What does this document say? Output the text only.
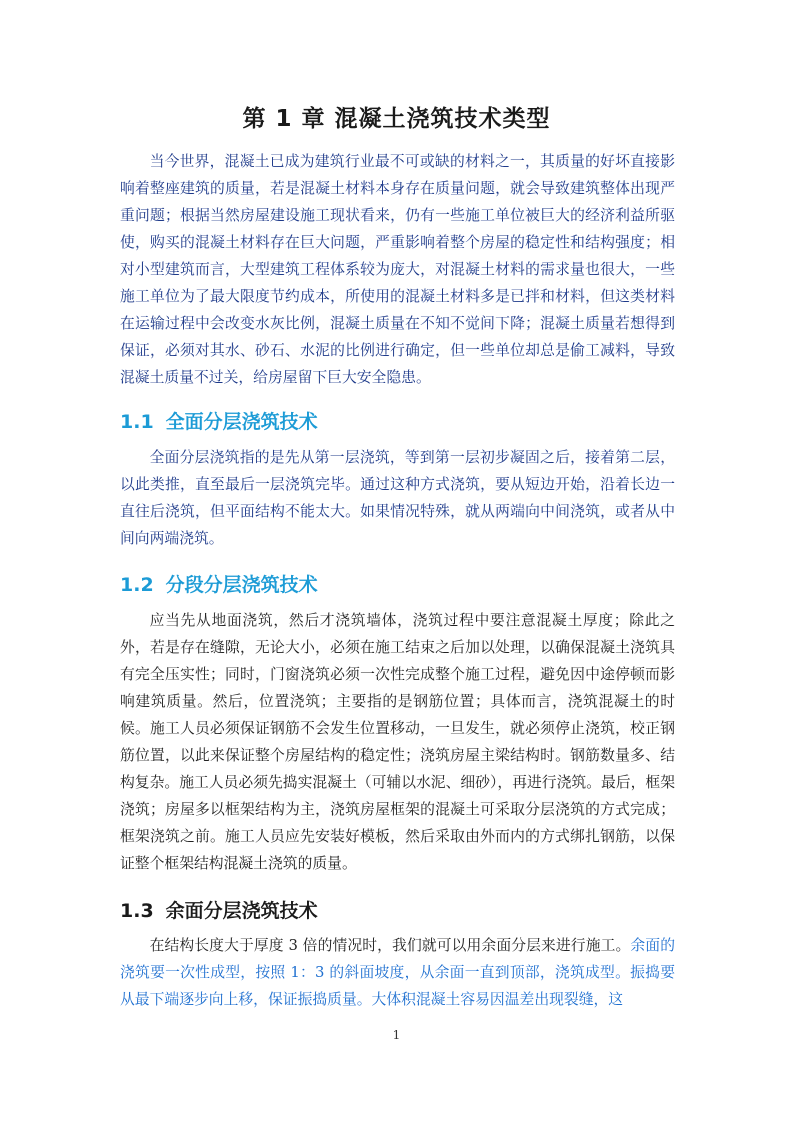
第 1 章 混凝土浇筑技术类型

当今世界，混凝土已成为建筑行业最不可或缺的材料之一，其质量的好坏直接影响着整座建筑的质量，若是混凝土材料本身存在质量问题，就会导致建筑整体出现严重问题；根据当然房屋建设施工现状看来，仍有一些施工单位被巨大的经济利益所驱使，购买的混凝土材料存在巨大问题，严重影响着整个房屋的稳定性和结构强度；相对小型建筑而言，大型建筑工程体系较为庞大，对混凝土材料的需求量也很大，一些施工单位为了最大限度节约成本，所使用的混凝土材料多是已拌和材料，但这类材料在运输过程中会改变水灰比例，混凝土质量在不知不觉间下降；混凝土质量若想得到保证，必须对其水、砂石、水泥的比例进行确定，但一些单位却总是偷工减料，导致混凝土质量不过关，给房屋留下巨大安全隐患。

1.1 全面分层浇筑技术

全面分层浇筑指的是先从第一层浇筑，等到第一层初步凝固之后，接着第二层，以此类推，直至最后一层浇筑完毕。通过这种方式浇筑，要从短边开始，沿着长边一直往后浇筑，但平面结构不能太大。如果情况特殊，就从两端向中间浇筑，或者从中间向两端浇筑。

1.2 分段分层浇筑技术

应当先从地面浇筑，然后才浇筑墙体，浇筑过程中要注意混凝土厚度；除此之外，若是存在缝隙，无论大小，必须在施工结束之后加以处理，以确保混凝土浇筑具有完全压实性；同时，门窗浇筑必须一次性完成整个施工过程，避免因中途停顿而影响建筑质量。然后，位置浇筑；主要指的是钢筋位置；具体而言，浇筑混凝土的时候。施工人员必须保证钢筋不会发生位置移动，一旦发生，就必须停止浇筑，校正钢筋位置，以此来保证整个房屋结构的稳定性；浇筑房屋主梁结构时。钢筋数量多、结构复杂。施工人员必须先捣实混凝土（可辅以水泥、细砂），再进行浇筑。最后，框架浇筑；房屋多以框架结构为主，浇筑房屋框架的混凝土可采取分层浇筑的方式完成；框架浇筑之前。施工人员应先安装好模板，然后采取由外而内的方式绑扎钢筋，以保证整个框架结构混凝土浇筑的质量。

1.3 余面分层浇筑技术

在结构长度大于厚度 3 倍的情况时，我们就可以用余面分层来进行施工。余面的浇筑要一次性成型，按照 1：3 的斜面坡度，从余面一直到顶部，浇筑成型。振捣要从最下端逐步向上移，保证振捣质量。大体积混凝土容易因温差出现裂缝，这

1
